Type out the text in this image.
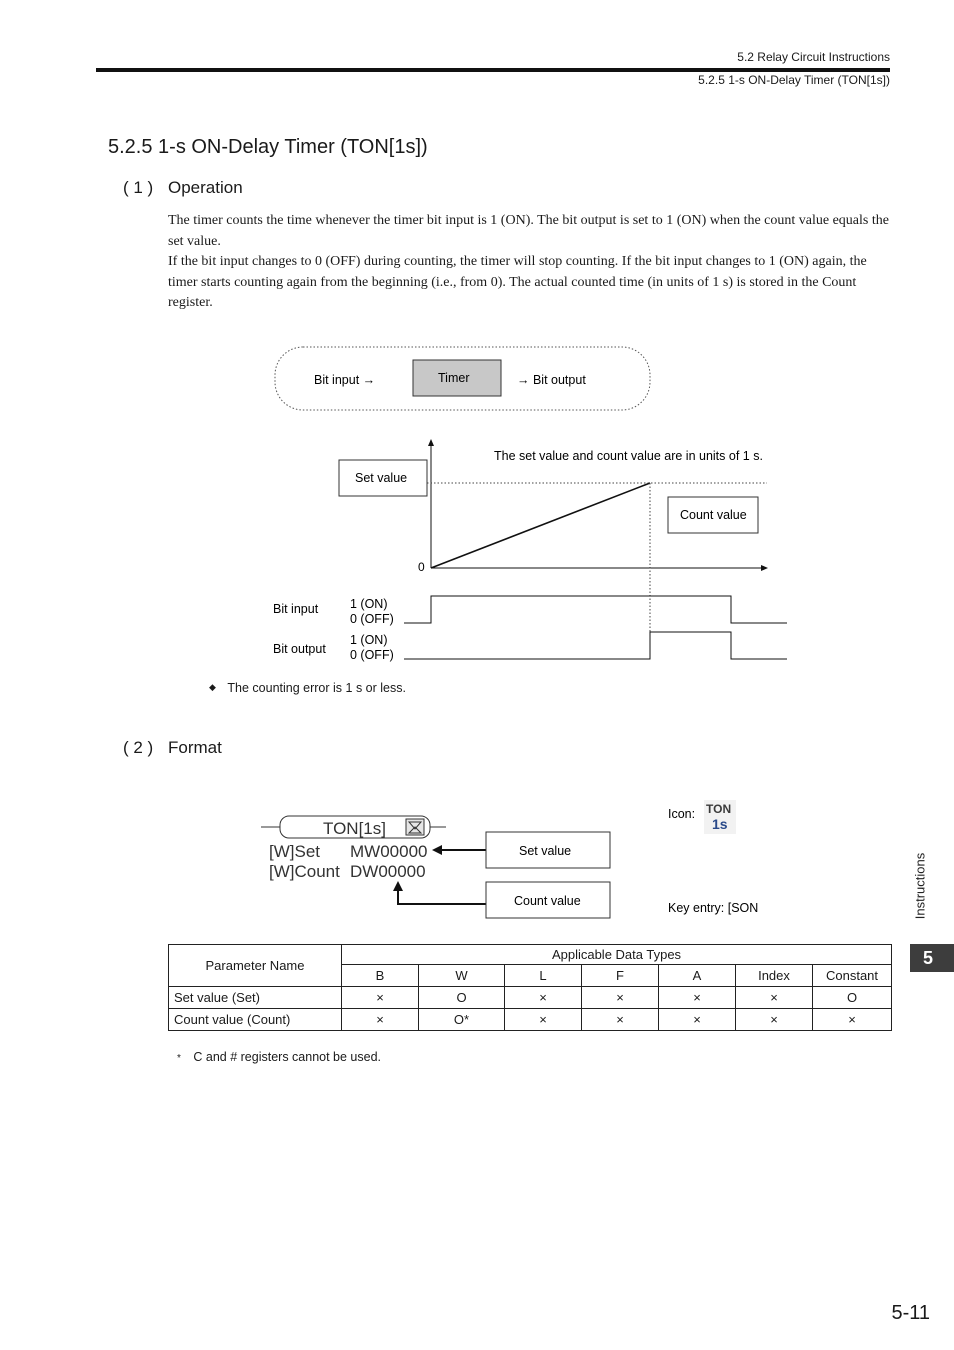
5.2 Relay Circuit Instructions
5.2.5 1-s ON-Delay Timer (TON[1s])
5.2.5 1-s ON-Delay Timer (TON[1s])
( 1 ) Operation

The timer counts the time whenever the timer bit input is 1 (ON). The bit output is set to 1 (ON) when the count value equals the set value.

If the bit input changes to 0 (OFF) during counting, the timer will stop counting. If the bit input changes to 1 (ON) again, the timer starts counting again from the beginning (i.e., from 0). The actual counted time (in units of 1 s) is stored in the Count register.

Bit input →	Timer	→ Bit output
0
The set value and count value are in units of 1 s.
Set value
Count value
Bit input	1 (ON)
0 (OFF)
Bit output
1 (ON)
0 (OFF)
◆ The counting error is 1 s or less.
( 2 ) Format
TON[1s]
[W]Set MW00000
[W]Count DW00000
Set value
Count value
Icon: TON
1s
Key entry: [SON
Parameter Name	Applicable Data Types						
	B	W	L	F	A	Index	Constant
Set value (Set)	×	O	×	×	×	×	O
Count value (Count)	×	O*	×	×	×	×	×
* C and # registers cannot be used.
Instructions
5
5-11
